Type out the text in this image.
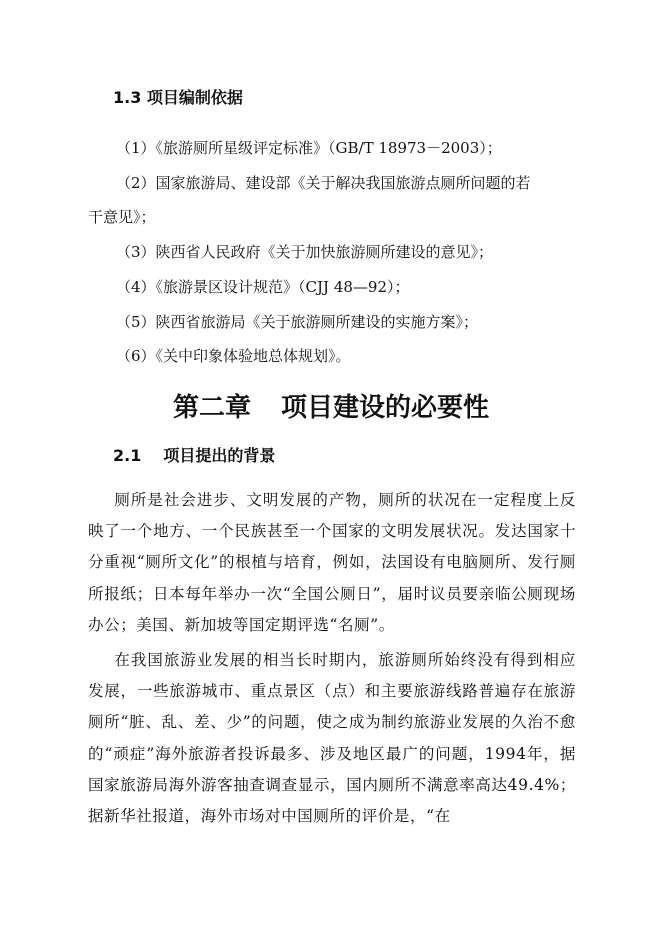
1.3 项目编制依据
（1）《旅游厕所星级评定标准》（GB/T 18973－2003）；
（2）国家旅游局、建设部《关于解决我国旅游点厕所问题的若
干意见》；
（3）陕西省人民政府《关于加快旅游厕所建设的意见》；
（4）《旅游景区设计规范》（CJJ 48—92）；
（5）陕西省旅游局《关于旅游厕所建设的实施方案》；
（6）《关中印象体验地总体规划》。
第二章 项目建设的必要性
2.1 项目提出的背景
厕所是社会进步、文明发展的产物，厕所的状况在一定程度上反映了一个地方、一个民族甚至一个国家的文明发展状况。发达国家十分重视“厕所文化”的根植与培育，例如，法国设有电脑厕所、发行厕所报纸；日本每年举办一次“全国公厕日”，届时议员要亲临公厕现场办公；美国、新加坡等国定期评选“名厕”。
在我国旅游业发展的相当长时期内，旅游厕所始终没有得到相应发展，一些旅游城市、重点景区（点）和主要旅游线路普遍存在旅游厕所“脏、乱、差、少”的问题，使之成为制约旅游业发展的久治不愈的“顽症”海外旅游者投诉最多、涉及地区最广的问题，1994年，据国家旅游局海外游客抽查调查显示，国内厕所不满意率高达49.4%；据新华社报道，海外市场对中国厕所的评价是，“在
